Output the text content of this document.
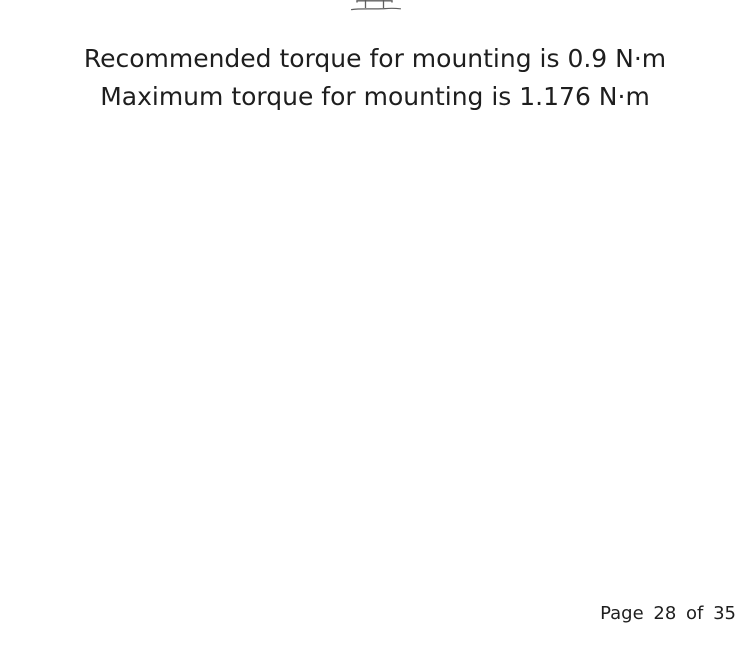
Recommended torque for mounting is 0.9 N·m

Maximum torque for mounting is 1.176 N·m

Page 28 of 35
